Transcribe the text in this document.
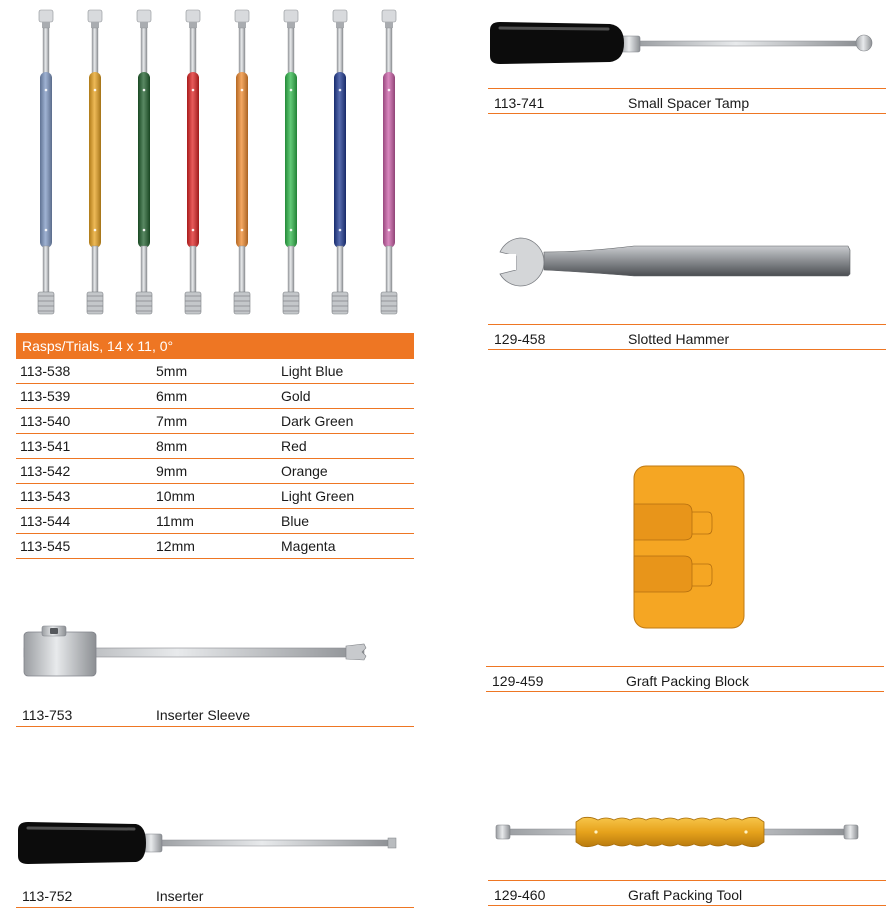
Rasps/Trials, 14 x 11, 0°
113-538	5mm	Light Blue
113-539	6mm	Gold
113-540	7mm	Dark Green
113-541	8mm	Red
113-542	9mm	Orange
113-543	10mm	Light Green
113-544	11mm	Blue
113-545	12mm	Magenta
113-753	Inserter Sleeve
113-752	Inserter
113-741	Small Spacer Tamp
129-458	Slotted Hammer
129-459	Graft Packing Block
129-460	Graft Packing Tool
